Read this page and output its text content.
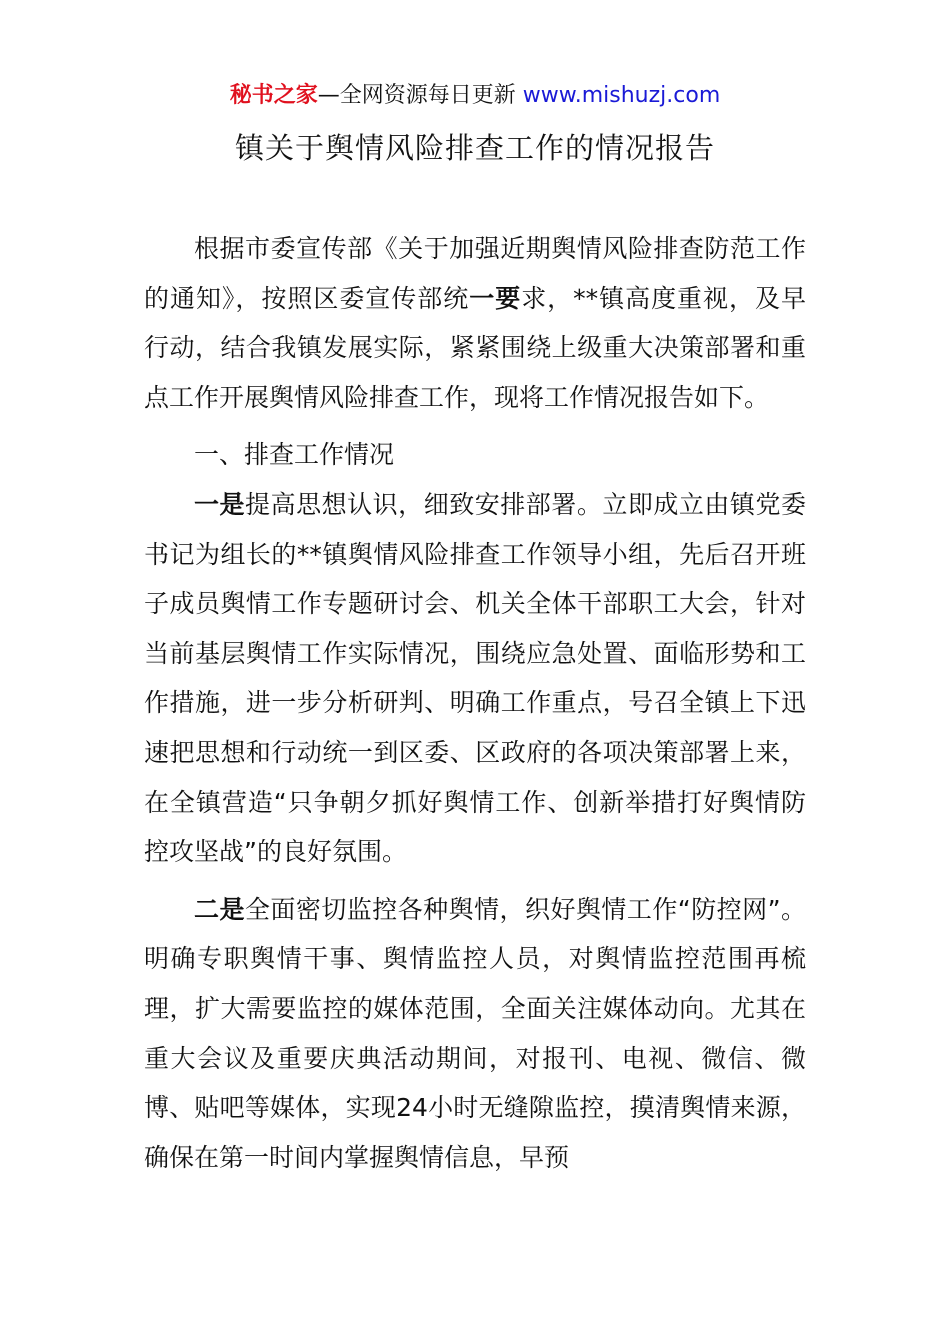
秘书之家—全网资源每日更新 www.mishuzj.com
镇关于舆情风险排查工作的情况报告

根据市委宣传部《关于加强近期舆情风险排查防范工作的通知》，按照区委宣传部统一要求，**镇高度重视，及早行动，结合我镇发展实际，紧紧围绕上级重大决策部署和重点工作开展舆情风险排查工作，现将工作情况报告如下。

一、排查工作情况

一是提高思想认识，细致安排部署。立即成立由镇党委书记为组长的**镇舆情风险排查工作领导小组，先后召开班子成员舆情工作专题研讨会、机关全体干部职工大会，针对当前基层舆情工作实际情况，围绕应急处置、面临形势和工作措施，进一步分析研判、明确工作重点，号召全镇上下迅速把思想和行动统一到区委、区政府的各项决策部署上来，在全镇营造“只争朝夕抓好舆情工作、创新举措打好舆情防控攻坚战”的良好氛围。

二是全面密切监控各种舆情，织好舆情工作“防控网”。明确专职舆情干事、舆情监控人员，对舆情监控范围再梳理，扩大需要监控的媒体范围，全面关注媒体动向。尤其在重大会议及重要庆典活动期间，对报刊、电视、微信、微博、贴吧等媒体，实现24小时无缝隙监控，摸清舆情来源，确保在第一时间内掌握舆情信息，早预
